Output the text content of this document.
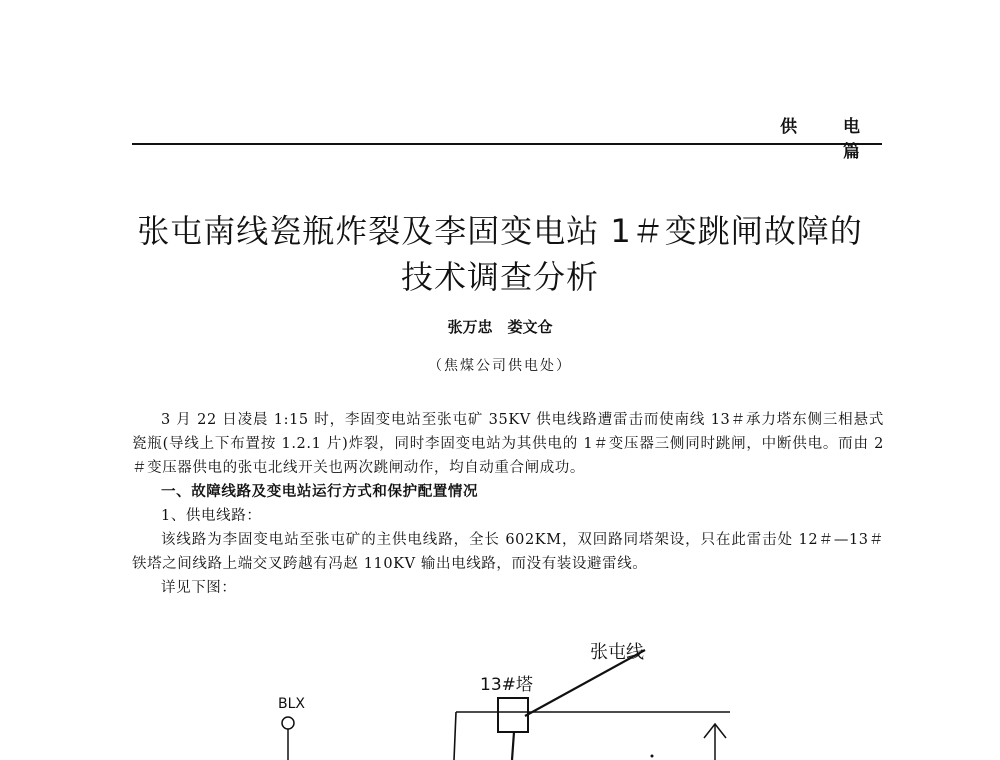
供 电 篇
张屯南线瓷瓶炸裂及李固变电站 1＃变跳闸故障的
技术调查分析
张万忠　娄文仓
（焦煤公司供电处）

3 月 22 日凌晨 1:15 时，李固变电站至张屯矿 35KV 供电线路遭雷击而使南线 13＃承力塔东侧三相悬式瓷瓶(导线上下布置按 1.2.1 片)炸裂，同时李固变电站为其供电的 1＃变压器三侧同时跳闸，中断供电。而由 2＃变压器供电的张屯北线开关也两次跳闸动作，均自动重合闸成功。

一、故障线路及变电站运行方式和保护配置情况

1、供电线路：

该线路为李固变电站至张屯矿的主供电线路，全长 602KM，双回路同塔架设，只在此雷击处 12＃—13＃铁塔之间线路上端交叉跨越有冯赵 110KV 输出电线路，而没有装设避雷线。

详见下图：

张屯线
13#塔
BLX
